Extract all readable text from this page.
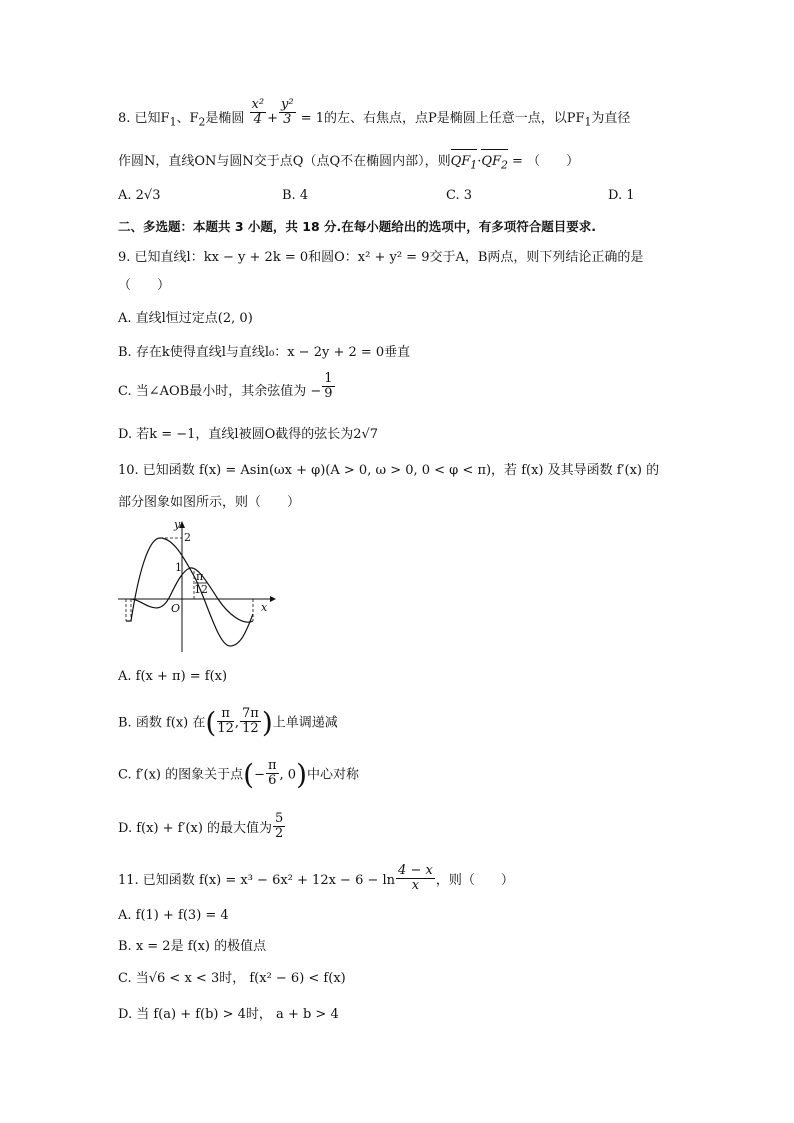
8. 已知$F_1$、$F_2$是椭圆 $\frac{\text{x²}}{4} + \frac{\text{y²}}{3} = 1$的左、右焦点，点P是椭圆上任意一点，以$PF_1$为直径
作圆N，直线ON与圆N交于点Q（点Q不在椭圆内部），则$QF_1\cdot QF_2$ = （　　）
A. 2√3	B. 4	C. 3	D. 1
二、多选题：本题共 3 小题，共 18 分.在每小题给出的选项中，有多项符合题目要求.
9. 已知直线l：kx − y + 2k = 0和圆O：x² + y² = 9交于A，B两点，则下列结论正确的是
（　　）
A. 直线l恒过定点(2, 0)
B. 存在k使得直线l与直线l₀：x − 2y + 2 = 0垂直
C. 当∠AOB最小时，其余弦值为 − $\frac{1}{9}$
D. 若k = −1，直线l被圆O截得的弦长为2√7
10. 已知函数 f(x) = Asin(ωx + φ)(A > 0, ω > 0, 0 < φ < π)，若 f(x) 及其导函数 f′(x) 的
部分图象如图所示，则（　　）
y
x
O
2
1
π
12
A. f(x + π) = f(x)
B. 函数 f(x) 在( $\frac{\pi}{12}$ , $\frac{7\pi}{12}$ )上单调递减
C. f′(x) 的图象关于点(− $\frac{\pi}{6}$ , 0)中心对称
D. f(x) + f′(x) 的最大值为 $\frac{5}{2}$
11. 已知函数 $f(x) = x^3 - 6x^2 + 12x - 6 - \ln \frac{4 - x}{x}$ ，则（　　）
A. f(1) + f(3) = 4
B. x = 2是 f(x) 的极值点
C. 当√6 < x < 3时， f(x² − 6) < f(x)
D. 当 f(a) + f(b) > 4时， a + b > 4
